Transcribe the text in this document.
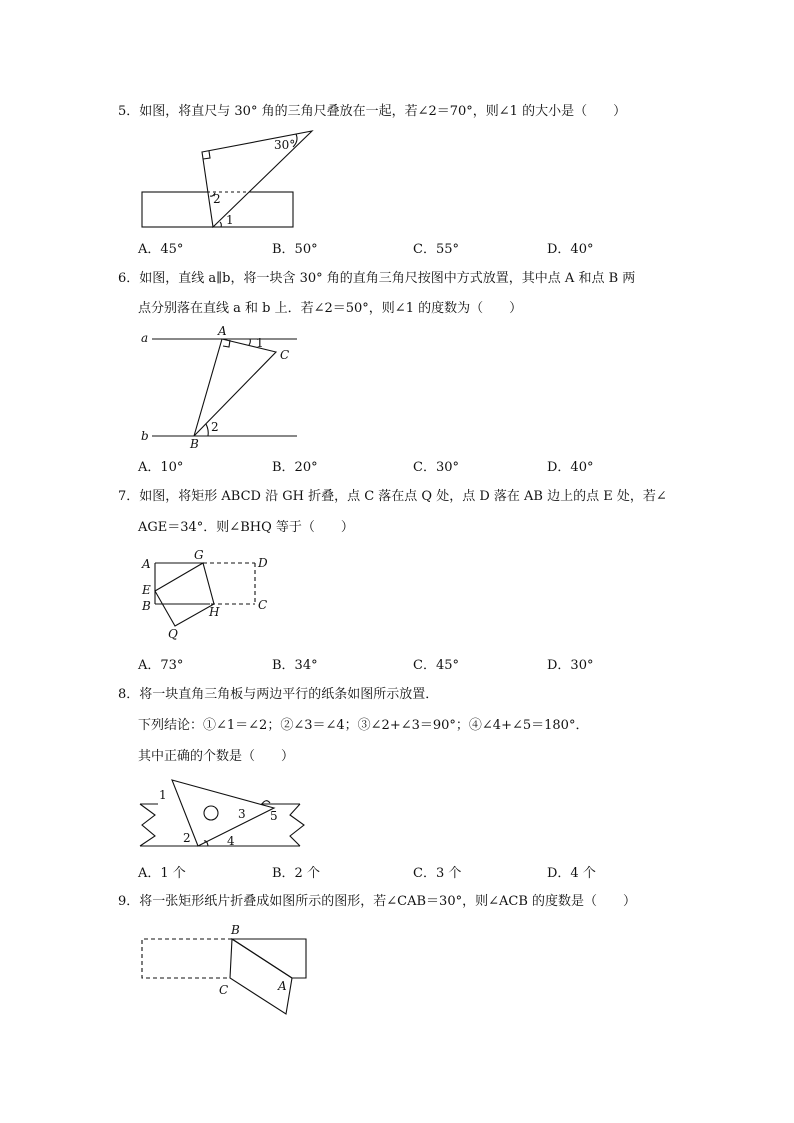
5．如图，将直尺与 30° 角的三角尺叠放在一起，若∠2＝70°，则∠1 的大小是（　　）
30°
2
1
A．45°	B．50°	C．55°	D．40°
6．如图，直线 a∥b，将一块含 30° 角的直角三角尺按图中方式放置，其中点 A 和点 B 两
点分别落在直线 a 和 b 上．若∠2＝50°，则∠1 的度数为（　　）
a
b
A
B
C
1
2
A．10°	B．20°	C．30°	D．40°
7．如图，将矩形 ABCD 沿 GH 折叠，点 C 落在点 Q 处，点 D 落在 AB 边上的点 E 处，若∠
AGE＝34°．则∠BHQ 等于（　　）
A
G
D
E
B	H	C
Q
A．73°	B．34°	C．45°	D．30°
8．将一块直角三角板与两边平行的纸条如图所示放置．
下列结论：①∠1＝∠2；②∠3＝∠4；③∠2+∠3＝90°；④∠4+∠5＝180°．
其中正确的个数是（　　）
1
2
3
4
5
A．1 个	B．2 个	C．3 个	D．4 个
9．将一张矩形纸片折叠成如图所示的图形，若∠CAB＝30°，则∠ACB 的度数是（　　）
B
C	A
